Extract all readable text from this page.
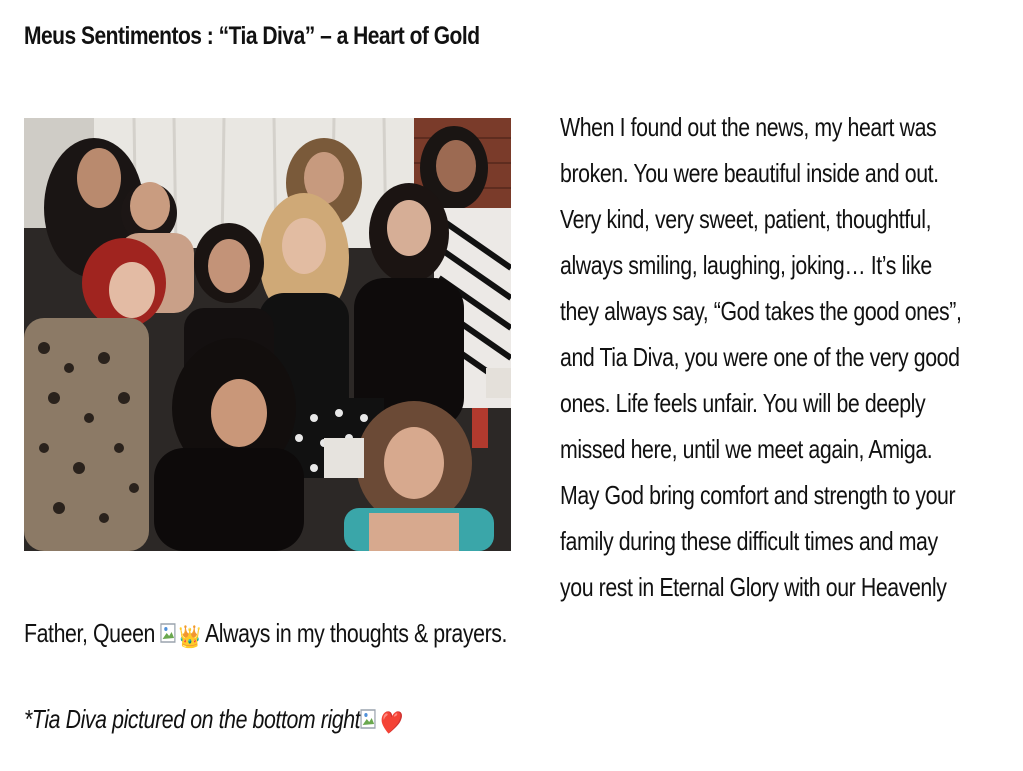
Meus Sentimentos : “Tia Diva” – a Heart of Gold

When I found out the news, my heart was

broken. You were beautiful inside and out.

Very kind, very sweet, patient, thoughtful,

always smiling, laughing, joking… It’s like

they always say, “God takes the good ones”,

and Tia Diva, you were one of the very good

ones. Life feels unfair. You will be deeply

missed here, until we meet again, Amiga.

May God bring comfort and strength to your

family during these difficult times and may

you rest in Eternal Glory with our Heavenly

Father, Queen 👑 Always in my thoughts & prayers.

*Tia Diva pictured on the bottom right ❤️
